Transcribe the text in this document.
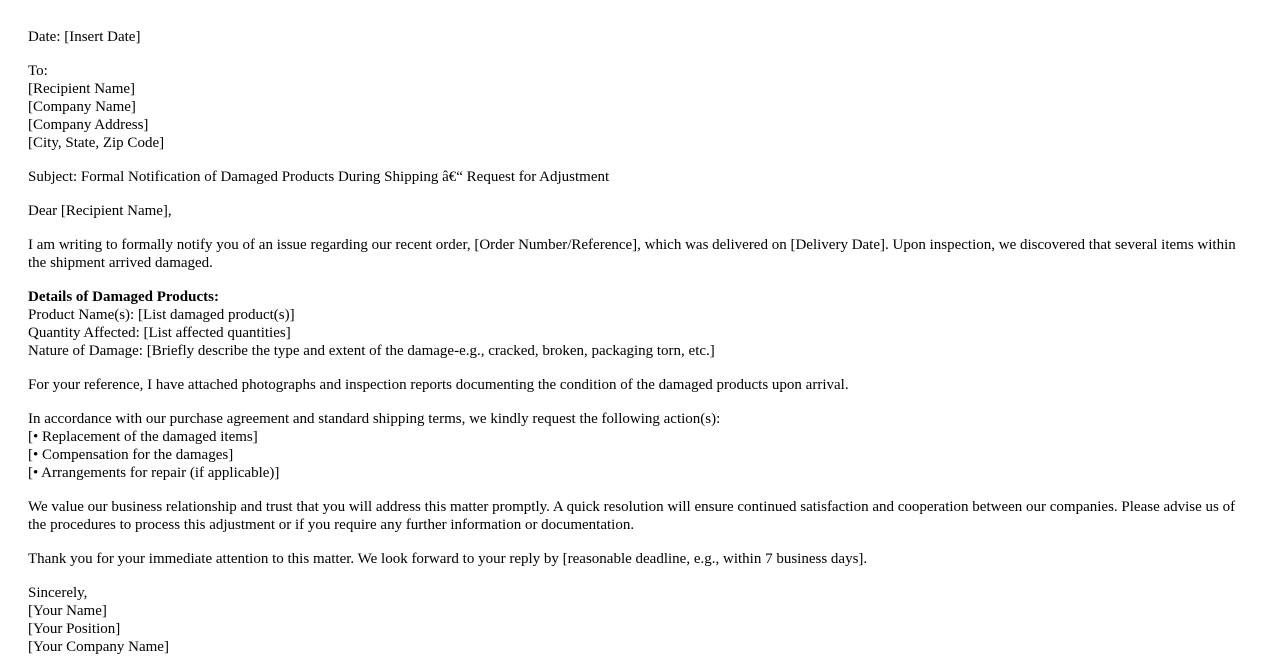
Date: [Insert Date]
To:
[Recipient Name]
[Company Name]
[Company Address]
[City, State, Zip Code]
Subject: Formal Notification of Damaged Products During Shipping â€“ Request for Adjustment
Dear [Recipient Name],
I am writing to formally notify you of an issue regarding our recent order, [Order Number/Reference], which was delivered on [Delivery Date]. Upon inspection, we discovered that several items within the shipment arrived damaged.
Details of Damaged Products:
Product Name(s): [List damaged product(s)]
Quantity Affected: [List affected quantities]
Nature of Damage: [Briefly describe the type and extent of the damage-e.g., cracked, broken, packaging torn, etc.]
For your reference, I have attached photographs and inspection reports documenting the condition of the damaged products upon arrival.
In accordance with our purchase agreement and standard shipping terms, we kindly request the following action(s):
[• Replacement of the damaged items]
[• Compensation for the damages]
[• Arrangements for repair (if applicable)]
We value our business relationship and trust that you will address this matter promptly. A quick resolution will ensure continued satisfaction and cooperation between our companies. Please advise us of the procedures to process this adjustment or if you require any further information or documentation.
Thank you for your immediate attention to this matter. We look forward to your reply by [reasonable deadline, e.g., within 7 business days].
Sincerely,
[Your Name]
[Your Position]
[Your Company Name]
